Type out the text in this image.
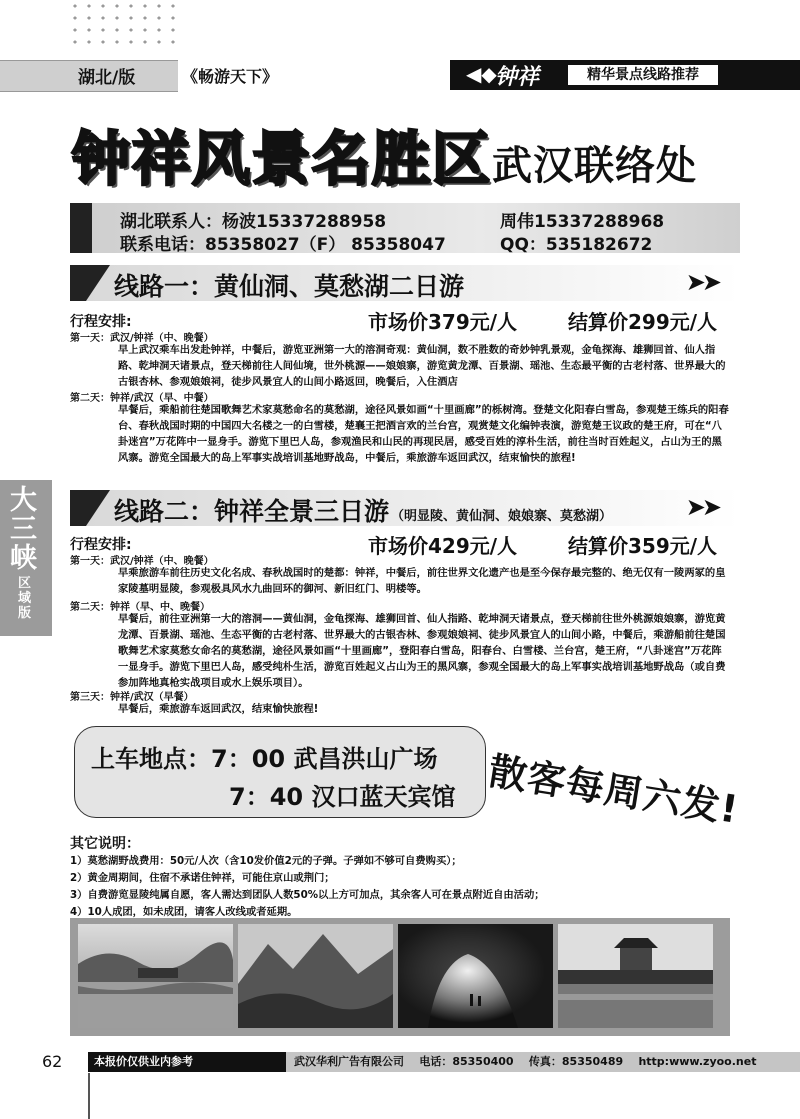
湖北/版	《畅游天下》	◀◆
钟祥	精华景点线路推荐
钟祥风景名胜区武汉联络处
湖北联系人：杨波15337288958	周伟15337288968
联系电话：85358027（F） 85358047	QQ：535182672
线路一：黄仙洞、莫愁湖二日游	➤➤
行程安排:	市场价379元/人	结算价299元/人
第一天：武汉/钟祥（中、晚餐）
早上武汉乘车出发赴钟祥，中餐后，游览亚洲第一大的溶洞奇观：黄仙洞，数不胜数的奇妙钟乳景观，金龟探海、雄狮回首、仙人指路、乾坤洞天诸景点，登天梯前往人间仙境，世外桃源——娘娘寨，游览黄龙潭、百景湖、瑶池、生态最平衡的古老村落、世界最大的古银杏林、参观娘娘祠，徒步风景宜人的山间小路返回，晚餐后，入住酒店
第二天：钟祥/武汉（早、中餐）
早餐后，乘船前往楚国歌舞艺术家莫愁命名的莫愁湖，途径风景如画“十里画廊”的栎树湾。登楚文化阳春白雪岛，参观楚王练兵的阳春台、春秋战国时期的中国四大名楼之一的白雪楼，楚襄王把酒言欢的兰台宫，观赏楚文化编钟表演，游览楚王议政的楚王府，可在“八卦迷宫”万花阵中一显身手。游览下里巴人岛，参观渔民和山民的再现民居，感受百姓的淳朴生活，前往当时百姓起义，占山为王的黑风寨。游览全国最大的岛上军事实战培训基地野战岛，中餐后，乘旅游车返回武汉，结束愉快的旅程!
大三峡
区域版
线路二：钟祥全景三日游 （明显陵、黄仙洞、娘娘寨、莫愁湖）	➤➤
行程安排:	市场价429元/人	结算价359元/人
第一天：武汉/钟祥（中、晚餐）
早乘旅游车前往历史文化名成、春秋战国时的楚都：钟祥，中餐后，前往世界文化遗产也是至今保存最完整的、绝无仅有一陵两冢的皇家陵墓明显陵，参观极具风水九曲回环的御河、新旧红门、明楼等。
第二天：钟祥（早、中、晚餐）
早餐后，前往亚洲第一大的溶洞——黄仙洞，金龟探海、雄狮回首、仙人指路、乾坤洞天诸景点，登天梯前往世外桃源娘娘寨，游览黄龙潭、百景湖、瑶池、生态平衡的古老村落、世界最大的古银杏林、参观娘娘祠、徒步风景宜人的山间小路，中餐后，乘游船前往楚国歌舞艺术家莫愁女命名的莫愁湖，途径风景如画“十里画廊”，登阳春白雪岛，阳春台、白雪楼、兰台宫，楚王府，“八卦迷宫”万花阵一显身手。游览下里巴人岛，感受纯朴生活，游览百姓起义占山为王的黑风寨，参观全国最大的岛上军事实战培训基地野战岛（或自费参加阵地真枪实战项目或水上娱乐项目）。
第三天：钟祥/武汉（早餐）
早餐后，乘旅游车返回武汉，结束愉快旅程!
上车地点：7：00 武昌洪山广场
7：40 汉口蓝天宾馆 散客每周六发!
其它说明：
1）莫愁湖野战费用：50元/人次（含10发价值2元的子弹。子弹如不够可自费购买）；
2）黄金周期间，住宿不承诺住钟祥，可能住京山或荆门；
3）自费游览显陵纯属自愿，客人需达到团队人数50%以上方可加点，其余客人可在景点附近自由活动；
4）10人成团，如未成团，请客人改线或者延期。
62	本报价仅供业内参考	武汉华利广告有限公司 电话：85350400 传真：85350489 http:www.zyoo.net
